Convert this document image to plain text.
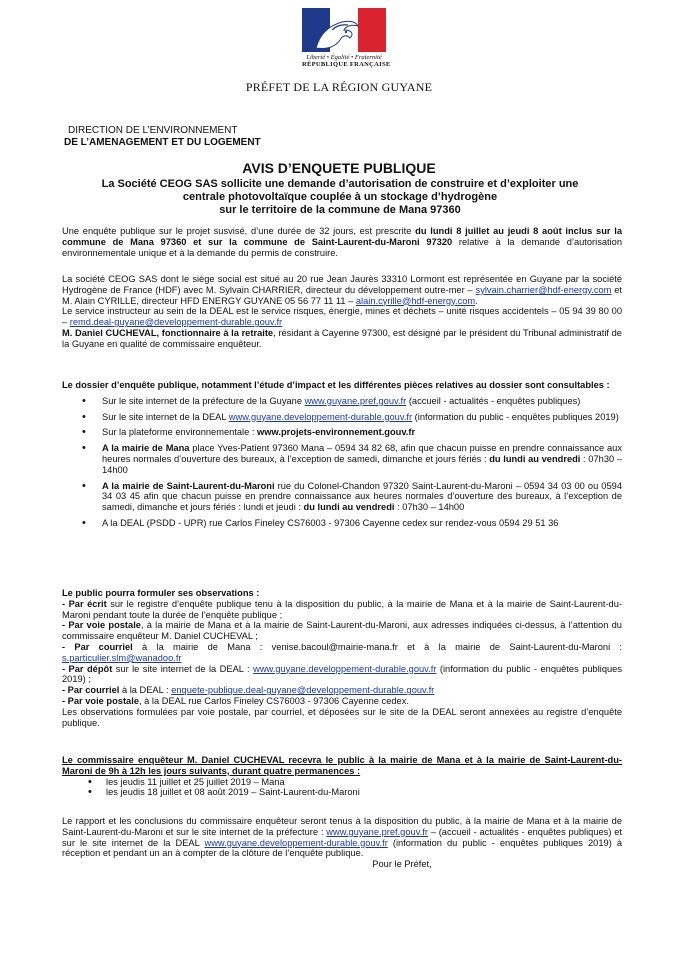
Liberté • Égalité • Fraternité
RÉPUBLIQUE FRANÇAISE
PRÉFET DE LA RÉGION GUYANE
DIRECTION DE L’ENVIRONNEMENT
DE L’AMENAGEMENT ET DU LOGEMENT
AVIS D’ENQUETE PUBLIQUE
La Société CEOG SAS sollicite une demande d’autorisation de construire et d’exploiter une
centrale photovoltaïque couplée à un stockage d’hydrogène
sur le territoire de la commune de Mana 97360

Une enquête publique sur le projet susvisé, d’une durée de 32 jours, est prescrite du lundi 8 juillet au jeudi 8 août inclus sur la commune de Mana 97360 et sur la commune de Saint-Laurent-du-Maroni 97320 relative à la demande d’autorisation environnementale unique et à la demande du permis de construire.

La société CEOG SAS dont le siège social est situé au 20 rue Jean Jaurès 33310 Lormont est représentée en Guyane par la société Hydrogène de France (HDF) avec M. Sylvain CHARRIER, directeur du développement outre-mer – sylvain.charrier@hdf-energy.com et M. Alain CYRILLE, directeur HFD ENERGY GUYANE 05 56 77 11 11 – alain.cyrille@hdf-energy.com.

Le service instructeur au sein de la DEAL est le service risques, énergie, mines et déchets – unité risques accidentels – 05 94 39 80 00 – remd.deal-guyane@developpement-durable.gouv.fr

M. Daniel CUCHEVAL, fonctionnaire à la retraite, résidant à Cayenne 97300, est désigné par le président du Tribunal administratif de la Guyane en qualité de commissaire enquêteur.

Le dossier d’enquête publique, notamment l’étude d’impact et les différentes pièces relatives au dossier sont consultables :

• Sur le site internet de la préfecture de la Guyane www.guyane.pref.gouv.fr (accueil - actualités - enquêtes publiques)
• Sur le site internet de la DEAL www.guyane.developpement-durable.gouv.fr (information du public - enquêtes publiques 2019)
• Sur la plateforme environnementale : www.projets-environnement.gouv.fr
• A la mairie de Mana place Yves-Patient 97360 Mana – 0594 34 82 68, afin que chacun puisse en prendre connaissance aux heures normales d’ouverture des bureaux, à l’exception de samedi, dimanche et jours fériés : du lundi au vendredi : 07h30 – 14h00
• A la mairie de Saint-Laurent-du-Maroni rue du Colonel-Chandon 97320 Saint-Laurent-du-Maroni – 0594 34 03 00 ou 0594 34 03 45 afin que chacun puisse en prendre connaissance aux heures normales d’ouverture des bureaux, à l’exception de samedi, dimanche et jours fériés : lundi et jeudi : du lundi au vendredi : 07h30 – 14h00
• A la DEAL (PSDD - UPR) rue Carlos Fineley CS76003 - 97306 Cayenne cedex sur rendez-vous 0594 29 51 36

Le public pourra formuler ses observations :

- Par écrit sur le registre d’enquête publique tenu à la disposition du public, à la mairie de Mana et à la mairie de Saint-Laurent-du-Maroni pendant toute la durée de l’enquête publique ;

- Par voie postale, à la mairie de Mana et à la mairie de Saint-Laurent-du-Maroni, aux adresses indiquées ci-dessus, à l’attention du commissaire enquêteur M. Daniel CUCHEVAL ;

- Par courriel à la mairie de Mana : venise.bacoul@mairie-mana.fr et à la mairie de Saint-Laurent-du-Maroni : s.particulier.slm@wanadoo.fr

- Par dépôt sur le site internet de la DEAL : www.guyane.developpement-durable.gouv.fr (information du public - enquêtes publiques 2019) ;

- Par courriel à la DEAL : enquete-publique.deal-guyane@developpement-durable.gouv.fr

- Par voie postale, à la DEAL rue Carlos Fineley CS76003 - 97306 Cayenne cedex.

Les observations formulées par voie postale, par courriel, et déposées sur le site de la DEAL seront annexées au registre d’enquête publique.

Le commissaire enquêteur M. Daniel CUCHEVAL recevra le public à la mairie de Mana et à la mairie de Saint-Laurent-du-Maroni de 9h à 12h les jours suivants, durant quatre permanences :

• les jeudis 11 juillet et 25 juillet 2019 – Mana
• les jeudis 18 juillet et 08 août 2019 – Saint-Laurent-du-Maroni

Le rapport et les conclusions du commissaire enquêteur seront tenus à la disposition du public, à la mairie de Mana et à la mairie de Saint-Laurent-du-Maroni et sur le site internet de la préfecture : www.guyane.pref.gouv.fr – (accueil - actualités - enquêtes publiques) et sur le site internet de la DEAL www.guyane.developpement-durable.gouv.fr (information du public - enquêtes publiques 2019) à réception et pendant un an à compter de la clôture de l’enquête publique.

Pour le Préfet,
